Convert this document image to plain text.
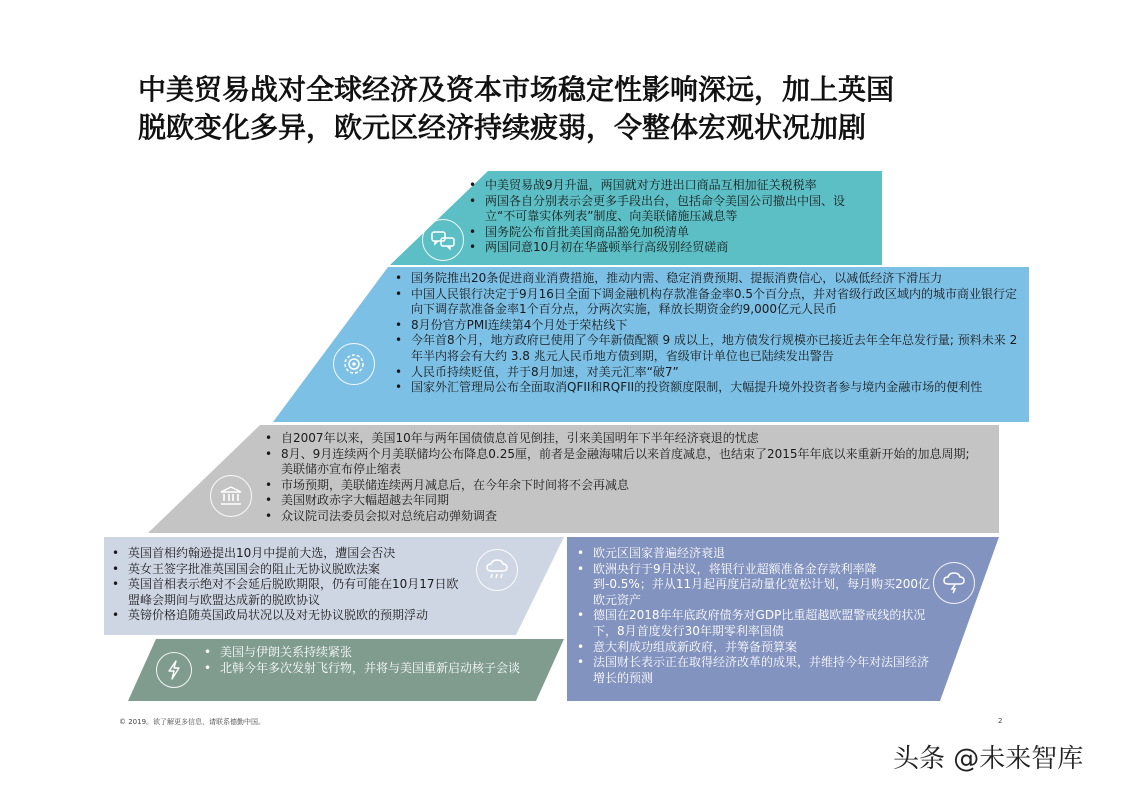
中美贸易战对全球经济及资本市场稳定性影响深远，加上英国
脱欧变化多异，欧元区经济持续疲弱，令整体宏观状况加剧
• 中美贸易战9月升温，两国就对方进出口商品互相加征关税税率
• 两国各自分别表示会更多手段出台，包括命令美国公司撤出中国、设立“不可靠实体列表”制度、向美联储施压减息等
• 国务院公布首批美国商品豁免加税清单
• 两国同意10月初在华盛顿举行高级别经贸磋商
• 国务院推出20条促进商业消费措施，推动内需、稳定消费预期、提振消费信心，以减低经济下滑压力
• 中国人民银行决定于9月16日全面下调金融机构存款准备金率0.5个百分点，并对省级行政区域内的城市商业银行定向下调存款准备金率1个百分点，分两次实施，释放长期资金约9,000亿元人民币
• 8月份官方PMI连续第4个月处于荣枯线下
• 今年首8个月，地方政府已使用了今年新债配额 9 成以上，地方债发行规模亦已接近去年全年总发行量; 预料未来 2 年半内将会有大约 3.8 兆元人民币地方债到期，省级审计单位也已陆续发出警告
• 人民币持续贬值，并于8月加速，对美元汇率“破7”
• 国家外汇管理局公布全面取消QFII和RQFII的投资额度限制，大幅提升境外投资者参与境内金融市场的便利性
• 自2007年以来，美国10年与两年国债债息首见倒挂，引来美国明年下半年经济衰退的忧虑
• 8月、9月连续两个月美联储均公布降息0.25厘，前者是金融海啸后以来首度减息，也结束了2015年年底以来重新开始的加息周期; 美联储亦宣布停止缩表
• 市场预期，美联储连续两月减息后，在今年余下时间将不会再减息
• 美国财政赤字大幅超越去年同期
• 众议院司法委员会拟对总统启动弹劾调查
• 英国首相约翰逊提出10月中提前大选，遭国会否决
• 英女王签字批准英国国会的阻止无协议脱欧法案
• 英国首相表示绝对不会延后脱欧期限，仍有可能在10月17日欧盟峰会期间与欧盟达成新的脱欧协议
• 英镑价格追随英国政局状况以及对无协议脱欧的预期浮动
• 欧元区国家普遍经济衰退
• 欧洲央行于9月决议，将银行业超额准备金存款利率降到-0.5%；并从11月起再度启动量化宽松计划，每月购买200亿欧元资产
• 德国在2018年年底政府债务对GDP比重超越欧盟警戒线的状况下，8月首度发行30年期零利率国债
• 意大利成功组成新政府，并筹备预算案
• 法国财长表示正在取得经济改革的成果，并维持今年对法国经济增长的预测
• 美国与伊朗关系持续紧张
• 北韩今年多次发射飞行物，并将与美国重新启动核子会谈
© 2019。欲了解更多信息，请联系德勤中国。	2
头条 @未来智库
